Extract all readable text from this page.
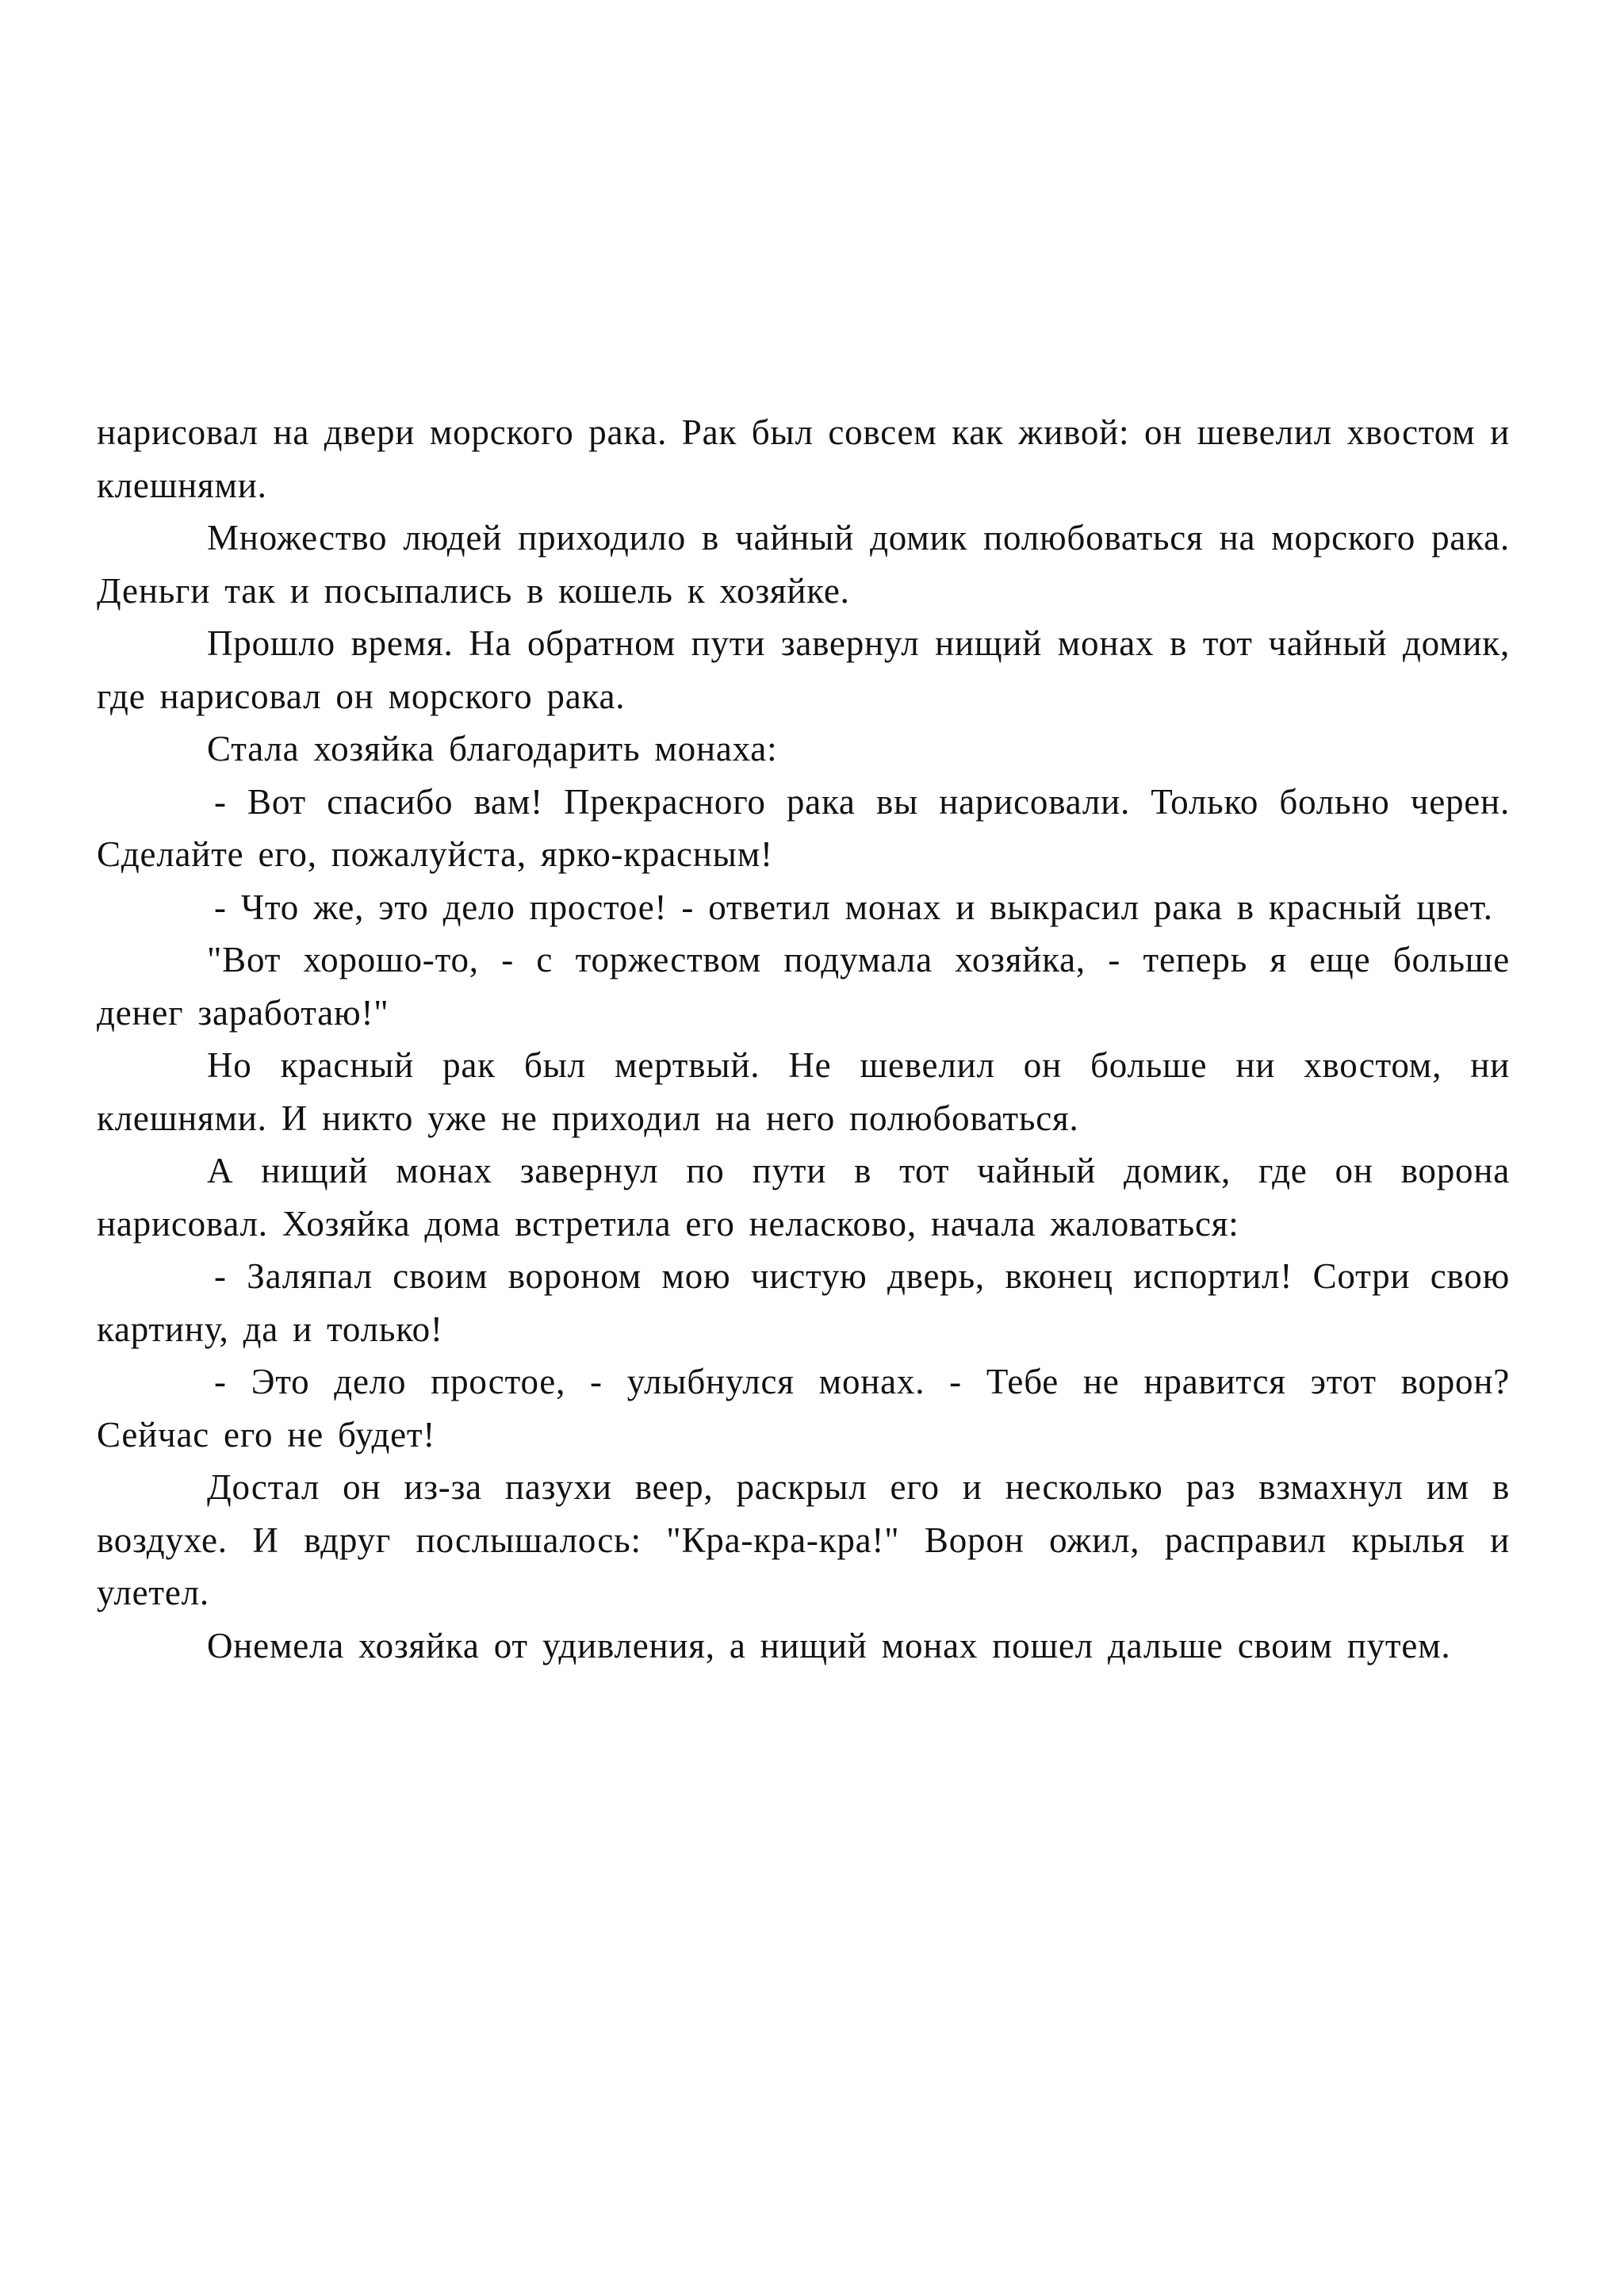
нарисовал на двери морского рака. Рак был совсем как живой: он шевелил хвостом и клешнями.

Множество людей приходило в чайный домик полюбоваться на морского рака. Деньги так и посыпались в кошель к хозяйке.

Прошло время. На обратном пути завернул нищий монах в тот чайный домик, где нарисовал он морского рака.

Стала хозяйка благодарить монаха:

- Вот спасибо вам! Прекрасного рака вы нарисовали. Только больно черен. Сделайте его, пожалуйста, ярко-красным!

- Что же, это дело простое! - ответил монах и выкрасил рака в красный цвет.

"Вот хорошо-то, - с торжеством подумала хозяйка, - теперь я еще больше денег заработаю!"

Но красный рак был мертвый. Не шевелил он больше ни хвостом, ни клешнями. И никто уже не приходил на него полюбоваться.

А нищий монах завернул по пути в тот чайный домик, где он ворона нарисовал. Хозяйка дома встретила его неласково, начала жаловаться:

- Заляпал своим вороном мою чистую дверь, вконец испортил! Сотри свою картину, да и только!

- Это дело простое, - улыбнулся монах. - Тебе не нравится этот ворон? Сейчас его не будет!

Достал он из-за пазухи веер, раскрыл его и несколько раз взмахнул им в воздухе. И вдруг послышалось: "Кра-кра-кра!" Ворон ожил, расправил крылья и улетел.

Онемела хозяйка от удивления, а нищий монах пошел дальше своим путем.
